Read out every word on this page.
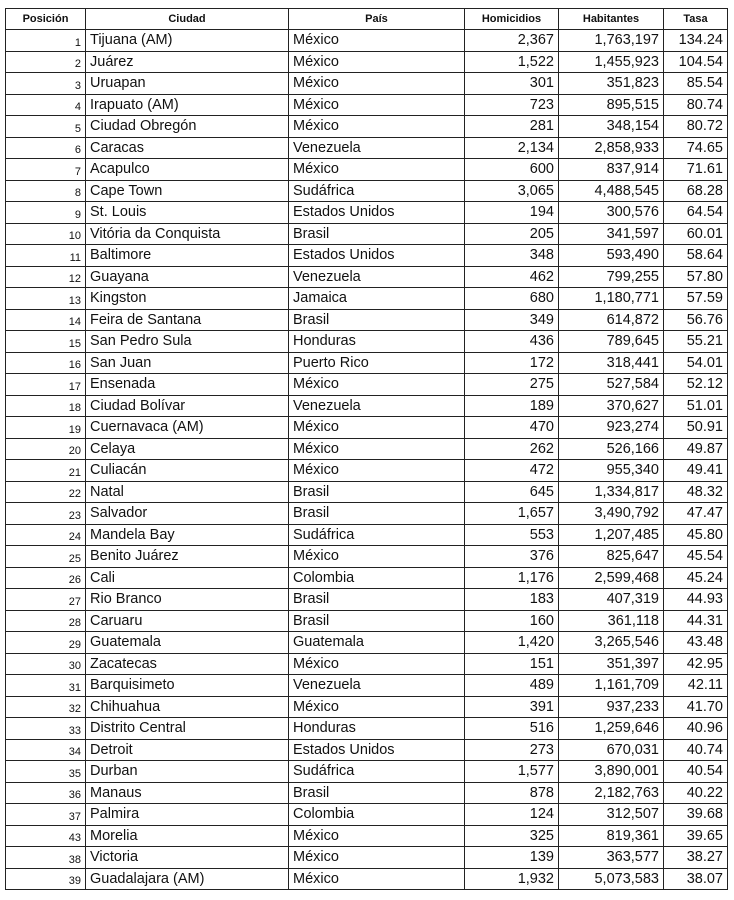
Posición	Ciudad	País	Homicidios	Habitantes	Tasa
1	Tijuana (AM)	México	2,367	1,763,197	134.24
2	Juárez	México	1,522	1,455,923	104.54
3	Uruapan	México	301	351,823	85.54
4	Irapuato (AM)	México	723	895,515	80.74
5	Ciudad Obregón	México	281	348,154	80.72
6	Caracas	Venezuela	2,134	2,858,933	74.65
7	Acapulco	México	600	837,914	71.61
8	Cape Town	Sudáfrica	3,065	4,488,545	68.28
9	St. Louis	Estados Unidos	194	300,576	64.54
10	Vitória da Conquista	Brasil	205	341,597	60.01
11	Baltimore	Estados Unidos	348	593,490	58.64
12	Guayana	Venezuela	462	799,255	57.80
13	Kingston	Jamaica	680	1,180,771	57.59
14	Feira de Santana	Brasil	349	614,872	56.76
15	San Pedro Sula	Honduras	436	789,645	55.21
16	San Juan	Puerto Rico	172	318,441	54.01
17	Ensenada	México	275	527,584	52.12
18	Ciudad Bolívar	Venezuela	189	370,627	51.01
19	Cuernavaca (AM)	México	470	923,274	50.91
20	Celaya	México	262	526,166	49.87
21	Culiacán	México	472	955,340	49.41
22	Natal	Brasil	645	1,334,817	48.32
23	Salvador	Brasil	1,657	3,490,792	47.47
24	Mandela Bay	Sudáfrica	553	1,207,485	45.80
25	Benito Juárez	México	376	825,647	45.54
26	Cali	Colombia	1,176	2,599,468	45.24
27	Rio Branco	Brasil	183	407,319	44.93
28	Caruaru	Brasil	160	361,118	44.31
29	Guatemala	Guatemala	1,420	3,265,546	43.48
30	Zacatecas	México	151	351,397	42.95
31	Barquisimeto	Venezuela	489	1,161,709	42.11
32	Chihuahua	México	391	937,233	41.70
33	Distrito Central	Honduras	516	1,259,646	40.96
34	Detroit	Estados Unidos	273	670,031	40.74
35	Durban	Sudáfrica	1,577	3,890,001	40.54
36	Manaus	Brasil	878	2,182,763	40.22
37	Palmira	Colombia	124	312,507	39.68
43	Morelia	México	325	819,361	39.65
38	Victoria	México	139	363,577	38.27
39	Guadalajara (AM)	México	1,932	5,073,583	38.07
